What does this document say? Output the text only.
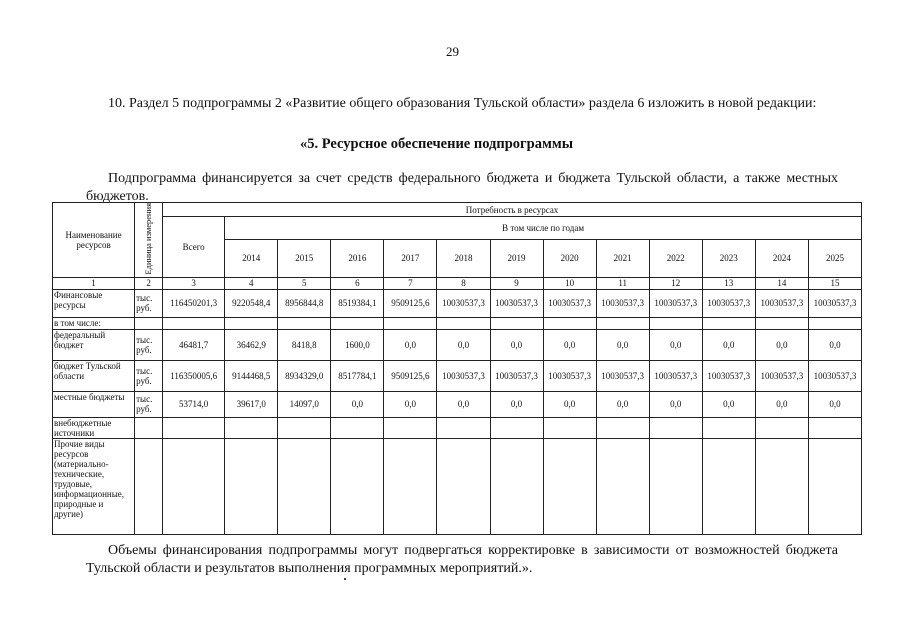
29
10. Раздел 5 подпрограммы 2 «Развитие общего образования Тульской области» раздела 6 изложить в новой редакции:
«5. Ресурсное обеспечение подпрограммы
Подпрограмма финансируется за счет средств федерального бюджета и бюджета Тульской области, а также местных бюджетов.
Наименование ресурсов	Единица измерения	Потребность в ресурсах												
		Всего	В том числе по годам											
			2014	2015	2016	2017	2018	2019	2020	2021	2022	2023	2024	2025
1	2	3	4	5	6	7	8	9	10	11	12	13	14	15
Финансовые ресурсы	тыс. руб.	116450201,3	9220548,4	8956844,8	8519384,1	9509125,6	10030537,3	10030537,3	10030537,3	10030537,3	10030537,3	10030537,3	10030537,3	10030537,3
в том числе:														
федеральный бюджет	тыс. руб.	46481,7	36462,9	8418,8	1600,0	0,0	0,0	0,0	0,0	0,0	0,0	0,0	0,0	0,0
бюджет Тульской области	тыс. руб.	116350005,6	9144468,5	8934329,0	8517784,1	9509125,6	10030537,3	10030537,3	10030537,3	10030537,3	10030537,3	10030537,3	10030537,3	10030537,3
местные бюджеты	тыс. руб.	53714,0	39617,0	14097,0	0,0	0,0	0,0	0,0	0,0	0,0	0,0	0,0	0,0	0,0
внебюджетные источники														
Прочие виды ресурсов (материально-технические, трудовые, информационные, природные и другие)														
Объемы финансирования подпрограммы могут подвергаться корректировке в зависимости от возможностей бюджета Тульской области и результатов выполнения программных мероприятий.».
